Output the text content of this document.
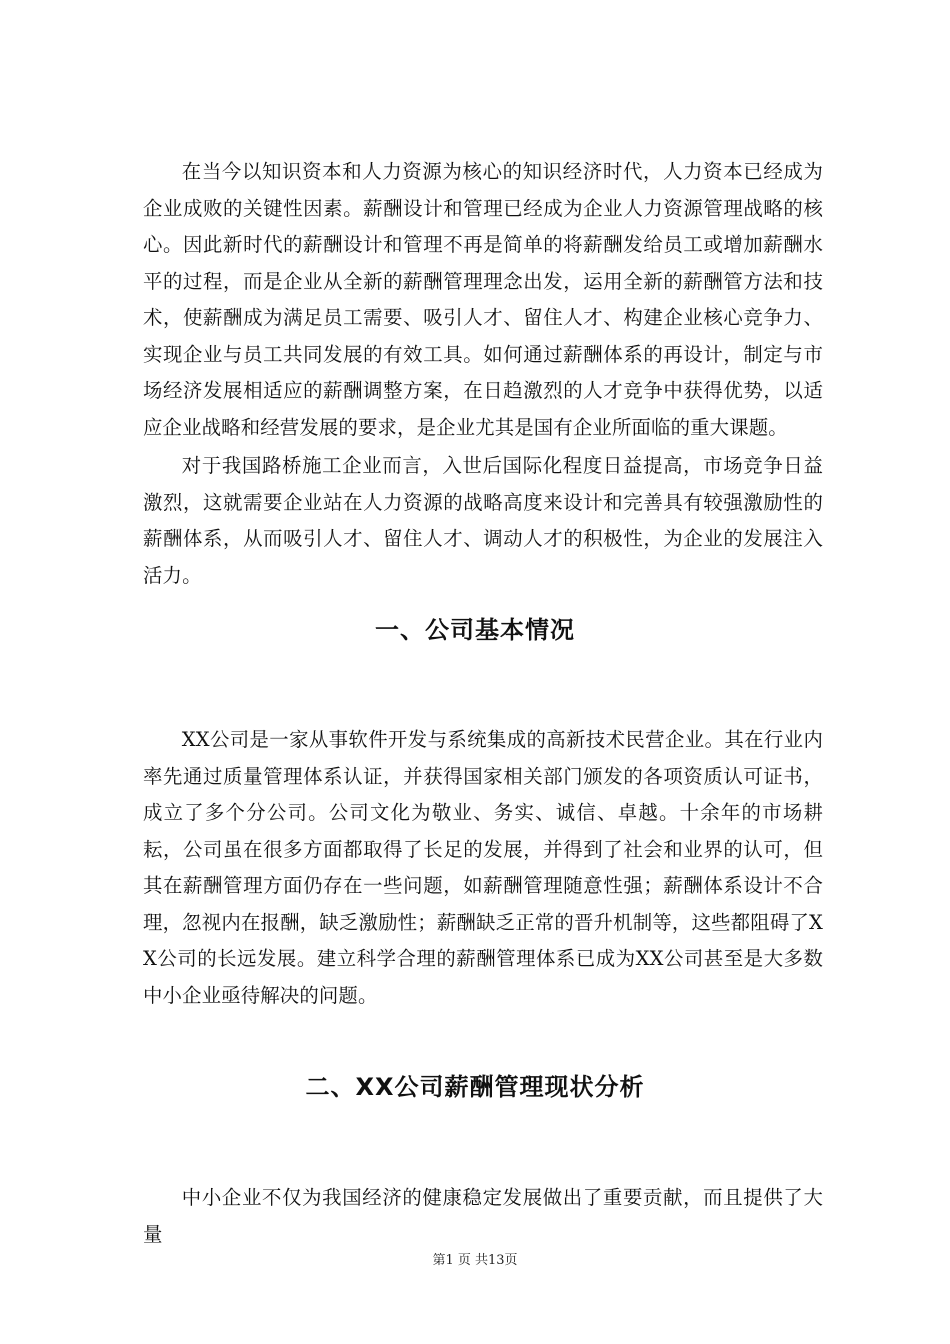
在当今以知识资本和人力资源为核心的知识经济时代，人力资本已经成为企业成败的关键性因素。薪酬设计和管理已经成为企业人力资源管理战略的核心。因此新时代的薪酬设计和管理不再是简单的将薪酬发给员工或增加薪酬水平的过程，而是企业从全新的薪酬管理理念出发，运用全新的薪酬管方法和技术，使薪酬成为满足员工需要、吸引人才、留住人才、构建企业核心竞争力、实现企业与员工共同发展的有效工具。如何通过薪酬体系的再设计，制定与市场经济发展相适应的薪酬调整方案，在日趋激烈的人才竞争中获得优势，以适应企业战略和经营发展的要求，是企业尤其是国有企业所面临的重大课题。

对于我国路桥施工企业而言，入世后国际化程度日益提高，市场竞争日益激烈，这就需要企业站在人力资源的战略高度来设计和完善具有较强激励性的薪酬体系，从而吸引人才、留住人才、调动人才的积极性，为企业的发展注入活力。

一、公司基本情况

XX公司是一家从事软件开发与系统集成的高新技术民营企业。其在行业内率先通过质量管理体系认证，并获得国家相关部门颁发的各项资质认可证书，成立了多个分公司。公司文化为敬业、务实、诚信、卓越。十余年的市场耕耘，公司虽在很多方面都取得了长足的发展，并得到了社会和业界的认可，但其在薪酬管理方面仍存在一些问题，如薪酬管理随意性强；薪酬体系设计不合理，忽视内在报酬，缺乏激励性；薪酬缺乏正常的晋升机制等，这些都阻碍了XX公司的长远发展。建立科学合理的薪酬管理体系已成为XX公司甚至是大多数中小企业亟待解决的问题。

二、XX公司薪酬管理现状分析

中小企业不仅为我国经济的健康稳定发展做出了重要贡献，而且提供了大量

第1 页 共13页
